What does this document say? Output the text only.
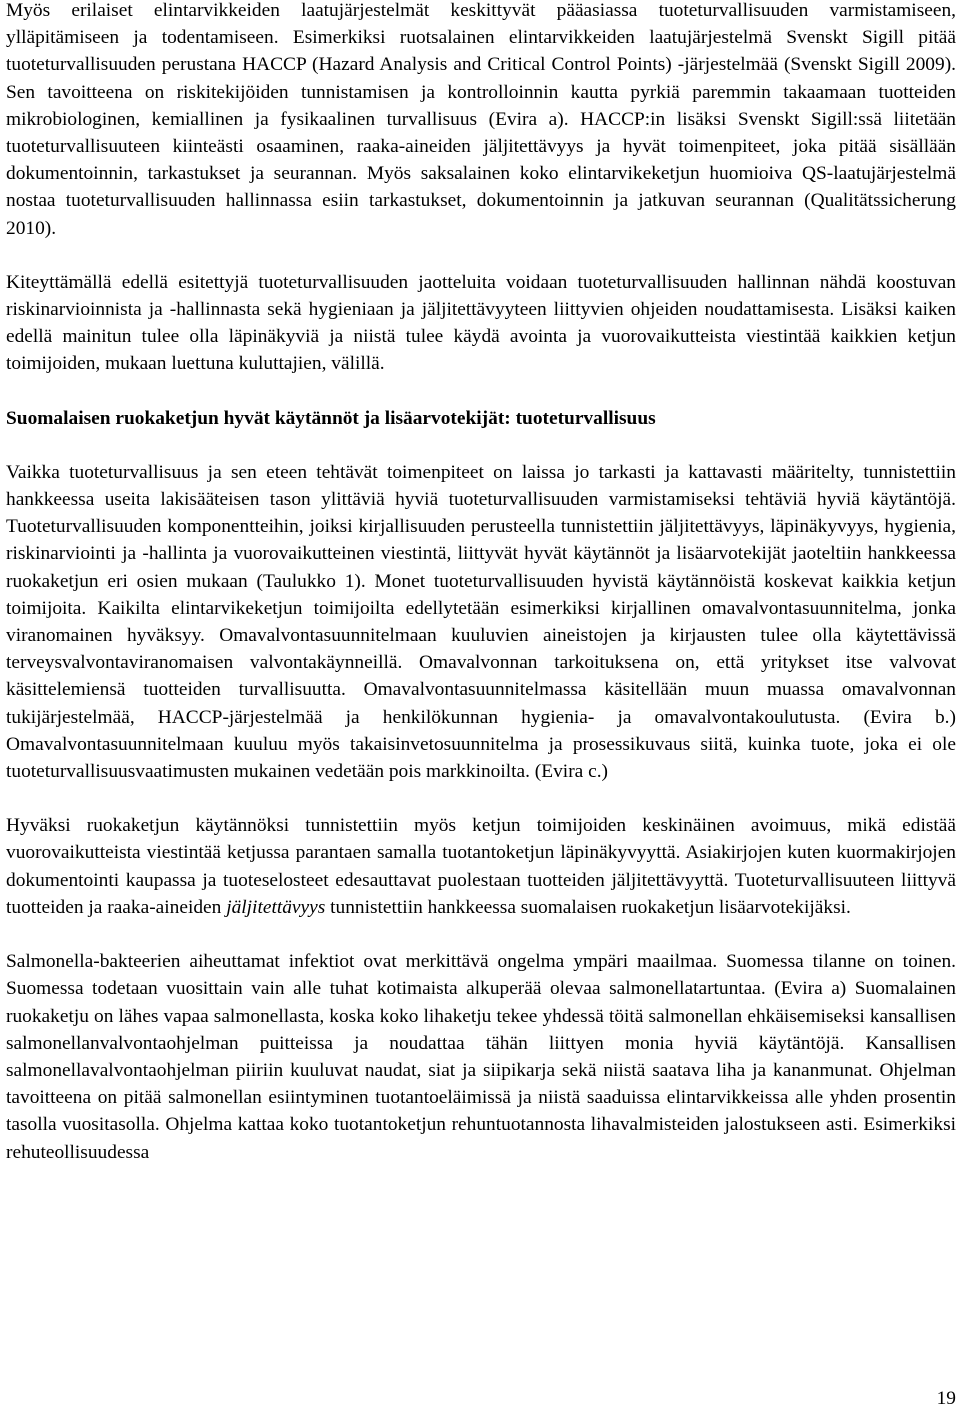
Myös erilaiset elintarvikkeiden laatujärjestelmät keskittyvät pääasiassa tuoteturvallisuuden varmistamiseen, ylläpitämiseen ja todentamiseen. Esimerkiksi ruotsalainen elintarvikkeiden laatujärjestelmä Svenskt Sigill pitää tuoteturvallisuuden perustana HACCP (Hazard Analysis and Critical Control Points) -järjestelmää (Svenskt Sigill 2009). Sen tavoitteena on riskitekijöiden tunnistamisen ja kontrolloinnin kautta pyrkiä paremmin takaamaan tuotteiden mikrobiologinen, kemiallinen ja fysikaalinen turvallisuus (Evira a). HACCP:in lisäksi Svenskt Sigill:ssä liitetään tuoteturvallisuuteen kiinteästi osaaminen, raaka-aineiden jäljitettävyys ja hyvät toimenpiteet, joka pitää sisällään dokumentoinnin, tarkastukset ja seurannan. Myös saksalainen koko elintarvikeketjun huomioiva QS-laatujärjestelmä nostaa tuoteturvallisuuden hallinnassa esiin tarkastukset, dokumentoinnin ja jatkuvan seurannan (Qualitätssicherung 2010).

Kiteyttämällä edellä esitettyjä tuoteturvallisuuden jaotteluita voidaan tuoteturvallisuuden hallinnan nähdä koostuvan riskinarvioinnista ja -hallinnasta sekä hygieniaan ja jäljitettävyyteen liittyvien ohjeiden noudattamisesta. Lisäksi kaiken edellä mainitun tulee olla läpinäkyviä ja niistä tulee käydä avointa ja vuorovaikutteista viestintää kaikkien ketjun toimijoiden, mukaan luettuna kuluttajien, välillä.

Suomalaisen ruokaketjun hyvät käytännöt ja lisäarvotekijät: tuoteturvallisuus

Vaikka tuoteturvallisuus ja sen eteen tehtävät toimenpiteet on laissa jo tarkasti ja kattavasti määritelty, tunnistettiin hankkeessa useita lakisääteisen tason ylittäviä hyviä tuoteturvallisuuden varmistamiseksi tehtäviä hyviä käytäntöjä. Tuoteturvallisuuden komponentteihin, joiksi kirjallisuuden perusteella tunnistettiin jäljitettävyys, läpinäkyvyys, hygienia, riskinarviointi ja -hallinta ja vuorovaikutteinen viestintä, liittyvät hyvät käytännöt ja lisäarvotekijät jaoteltiin hankkeessa ruokaketjun eri osien mukaan (Taulukko 1). Monet tuoteturvallisuuden hyvistä käytännöistä koskevat kaikkia ketjun toimijoita. Kaikilta elintarvikeketjun toimijoilta edellytetään esimerkiksi kirjallinen omavalvontasuunnitelma, jonka viranomainen hyväksyy. Omavalvontasuunnitelmaan kuuluvien aineistojen ja kirjausten tulee olla käytettävissä terveysvalvontaviranomaisen valvontakäynneillä. Omavalvonnan tarkoituksena on, että yritykset itse valvovat käsittelemiensä tuotteiden turvallisuutta. Omavalvontasuunnitelmassa käsitellään muun muassa omavalvonnan tukijärjestelmää, HACCP-järjestelmää ja henkilökunnan hygienia- ja omavalvontakoulutusta. (Evira b.) Omavalvontasuunnitelmaan kuuluu myös takaisinvetosuunnitelma ja prosessikuvaus siitä, kuinka tuote, joka ei ole tuoteturvallisuusvaatimusten mukainen vedetään pois markkinoilta. (Evira c.)

Hyväksi ruokaketjun käytännöksi tunnistettiin myös ketjun toimijoiden keskinäinen avoimuus, mikä edistää vuorovaikutteista viestintää ketjussa parantaen samalla tuotantoketjun läpinäkyvyyttä. Asiakirjojen kuten kuormakirjojen dokumentointi kaupassa ja tuoteselosteet edesauttavat puolestaan tuotteiden jäljitettävyyttä. Tuoteturvallisuuteen liittyvä tuotteiden ja raaka-aineiden jäljitettävyys tunnistettiin hankkeessa suomalaisen ruokaketjun lisäarvotekijäksi.

Salmonella-bakteerien aiheuttamat infektiot ovat merkittävä ongelma ympäri maailmaa. Suomessa tilanne on toinen. Suomessa todetaan vuosittain vain alle tuhat kotimaista alkuperää olevaa salmonellatartuntaa. (Evira a) Suomalainen ruokaketju on lähes vapaa salmonellasta, koska koko lihaketju tekee yhdessä töitä salmonellan ehkäisemiseksi kansallisen salmonellanvalvontaohjelman puitteissa ja noudattaa tähän liittyen monia hyviä käytäntöjä. Kansallisen salmonellavalvontaohjelman piiriin kuuluvat naudat, siat ja siipikarja sekä niistä saatava liha ja kananmunat. Ohjelman tavoitteena on pitää salmonellan esiintyminen tuotantoeläimissä ja niistä saaduissa elintarvikkeissa alle yhden prosentin tasolla vuositasolla. Ohjelma kattaa koko tuotantoketjun rehuntuotannosta lihavalmisteiden jalostukseen asti. Esimerkiksi rehuteollisuudessa

19
